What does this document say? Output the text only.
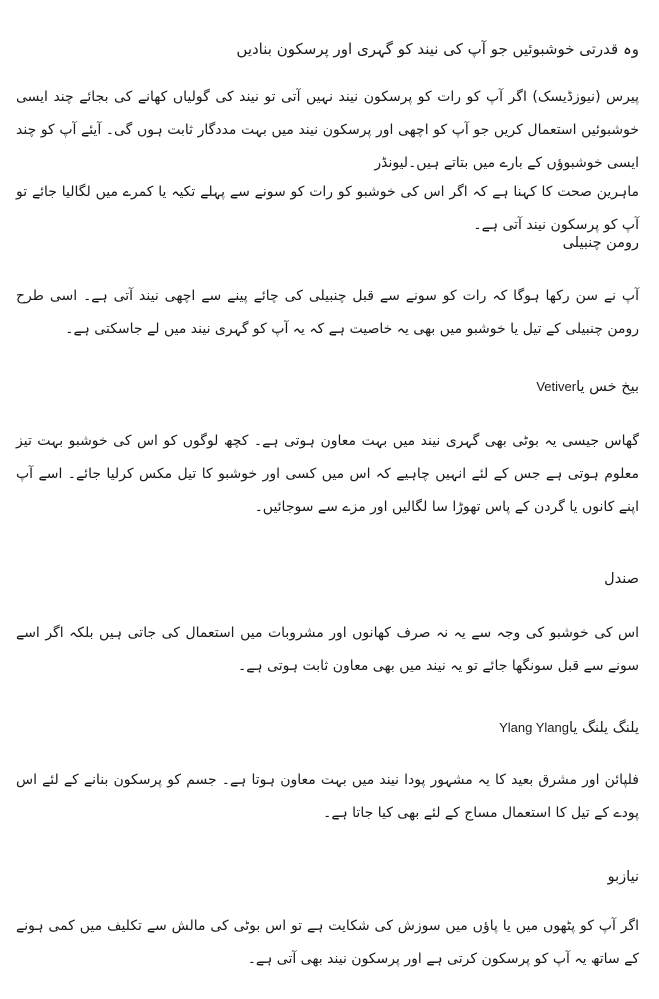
وہ قدرتی خوشبوئیں جو آپ کی نیند کو گہری اور پرسکون بنادیں

پیرس (نیوزڈیسک) اگر آپ کو رات کو پرسکون نیند نہیں آتی تو نیند کی گولیاں کھانے کی بجائے چند ایسی خوشبوئیں استعمال کریں جو آپ کو اچھی اور پرسکون نیند میں بہت مددگار ثابت ہوں گی۔ آیئے آپ کو چند ایسی خوشبوؤں کے بارے میں بتاتے ہیں۔لیونڈر

ماہرین صحت کا کہنا ہے کہ اگر اس کی خوشبو کو رات کو سونے سے پہلے تکیہ یا کمرے میں لگالیا جائے تو آپ کو پرسکون نیند آتی ہے۔

رومن چنبیلی

آپ نے سن رکھا ہوگا کہ رات کو سونے سے قبل چنبیلی کی چائے پینے سے اچھی نیند آتی ہے۔ اسی طرح رومن چنبیلی کے تیل یا خوشبو میں بھی یہ خاصیت ہے کہ یہ آپ کو گہری نیند میں لے جاسکتی ہے۔

بیخ خس یاVetiver

گھاس جیسی یہ بوٹی بھی گہری نیند میں بہت معاون ہوتی ہے۔ کچھ لوگوں کو اس کی خوشبو بہت تیز معلوم ہوتی ہے جس کے لئے انہیں چاہیے کہ اس میں کسی اور خوشبو کا تیل مکس کرلیا جائے۔ اسے آپ اپنے کانوں یا گردن کے پاس تھوڑا سا لگالیں اور مزے سے سوجائیں۔

صندل

اس کی خوشبو کی وجہ سے یہ نہ صرف کھانوں اور مشروبات میں استعمال کی جاتی ہیں بلکہ اگر اسے سونے سے قبل سونگھا جائے تو یہ نیند میں بھی معاون ثابت ہوتی ہے۔

یلنگ یلنگ یاYlang Ylang

فلپائن اور مشرق بعید کا یہ مشہور پودا نیند میں بہت معاون ہوتا ہے۔ جسم کو پرسکون بنانے کے لئے اس پودے کے تیل کا استعمال مساج کے لئے بھی کیا جاتا ہے۔

نیازبو

اگر آپ کو پٹھوں میں یا پاؤں میں سوزش کی شکایت ہے تو اس بوٹی کی مالش سے تکلیف میں کمی ہونے کے ساتھ یہ آپ کو پرسکون کرتی ہے اور پرسکون نیند بھی آتی ہے۔
